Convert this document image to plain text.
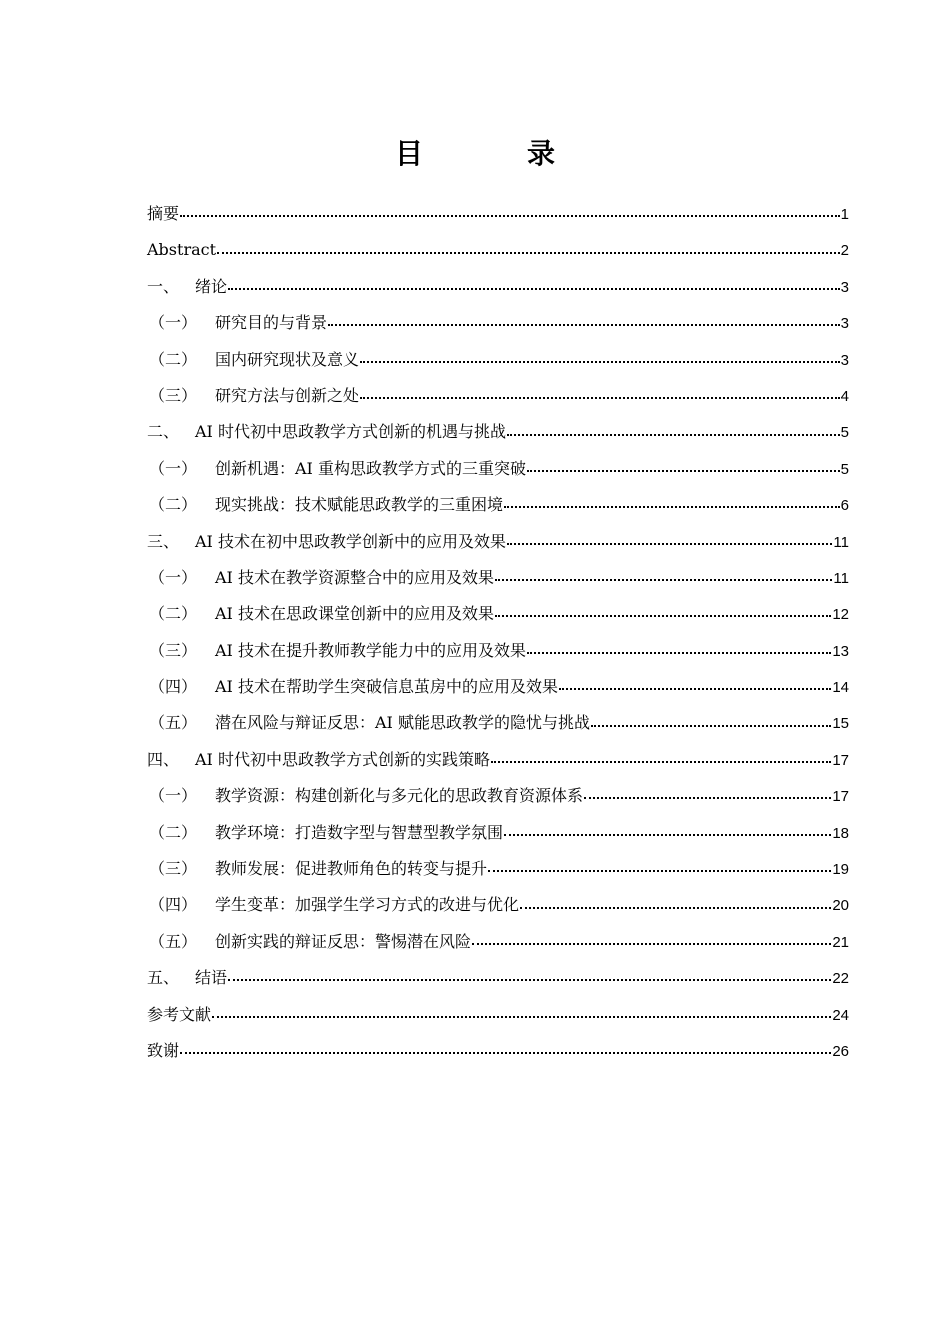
目　录
摘要	1
Abstract	2
一、 绪论	3
（一）	研究目的与背景	3
（二）	国内研究现状及意义	3
（三）	研究方法与创新之处	4
二、 AI 时代初中思政教学方式创新的机遇与挑战	5
（一）	创新机遇：AI 重构思政教学方式的三重突破	5
（二）	现实挑战：技术赋能思政教学的三重困境	6
三、 AI 技术在初中思政教学创新中的应用及效果	11
（一）	AI 技术在教学资源整合中的应用及效果	11
（二）	AI 技术在思政课堂创新中的应用及效果	12
（三）	AI 技术在提升教师教学能力中的应用及效果	13
（四）	AI 技术在帮助学生突破信息茧房中的应用及效果	14
（五）	潜在风险与辩证反思：AI 赋能思政教学的隐忧与挑战	15
四、 AI 时代初中思政教学方式创新的实践策略	17
（一）	教学资源：构建创新化与多元化的思政教育资源体系	17
（二）	教学环境：打造数字型与智慧型教学氛围	18
（三）	教师发展：促进教师角色的转变与提升	19
（四）	学生变革：加强学生学习方式的改进与优化	20
（五）	创新实践的辩证反思：警惕潜在风险	21
五、 结语	22
参考文献	24
致谢	26
